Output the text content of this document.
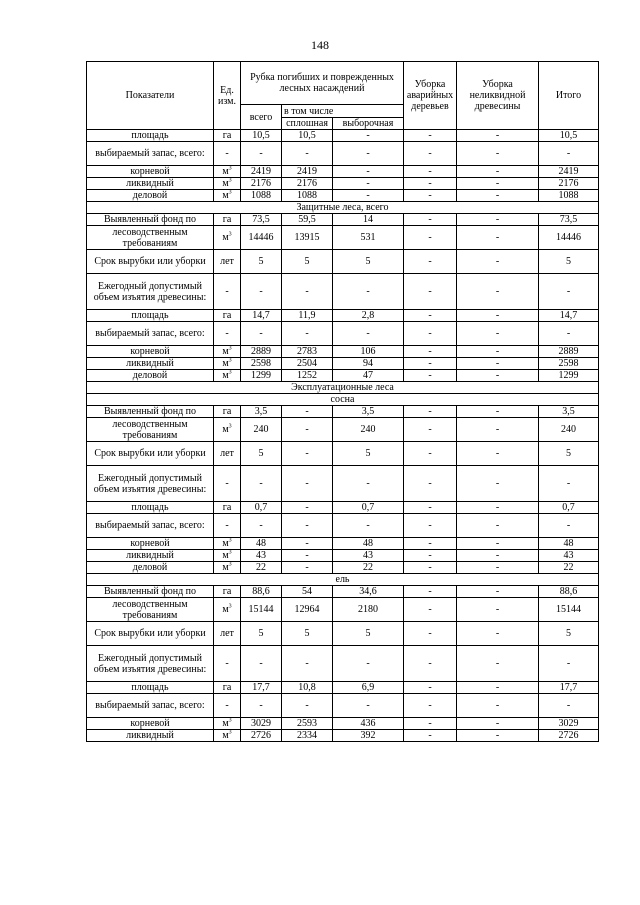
148
Показатели	Ед. изм.	Рубка погибших и поврежденных лесных насаждений			Уборка аварийных деревьев	Уборка неликвидной древесины	Итого
		всего	в том числе				
			сплошная	выборочная			
площадь	га	10,5	10,5	-	-	-	10,5
выбираемый запас, всего:	-	-	-	-	-	-	-
корневой	$м^3$	2419	2419	-	-	-	2419
ликвидный	$м^3$	2176	2176	-	-	-	2176
деловой	$м^3$	1088	1088	-	-	-	1088
Защитные леса, всего							
Выявленный фонд по	га	73,5	59,5	14	-	-	73,5
лесоводственным требованиям	$м^3$	14446	13915	531	-	-	14446
Срок вырубки или уборки	лет	5	5	5	-	-	5
Ежегодный допустимый объем изъятия древесины:	-	-	-	-	-	-	-
площадь	га	14,7	11,9	2,8	-	-	14,7
выбираемый запас, всего:	-	-	-	-	-	-	-
корневой	$м^3$	2889	2783	106	-	-	2889
ликвидный	$м^3$	2598	2504	94	-	-	2598
деловой	$м^3$	1299	1252	47	-	-	1299
Эксплуатационные леса							
сосна							
Выявленный фонд по	га	3,5	-	3,5	-	-	3,5
лесоводственным требованиям	$м^3$	240	-	240	-	-	240
Срок вырубки или уборки	лет	5	-	5	-	-	5
Ежегодный допустимый объем изъятия древесины:	-	-	-	-	-	-	-
площадь	га	0,7	-	0,7	-	-	0,7
выбираемый запас, всего:	-	-	-	-	-	-	-
корневой	$м^3$	48	-	48	-	-	48
ликвидный	$м^3$	43	-	43	-	-	43
деловой	$м^3$	22	-	22	-	-	22
ель							
Выявленный фонд по	га	88,6	54	34,6	-	-	88,6
лесоводственным требованиям	$м^3$	15144	12964	2180	-	-	15144
Срок вырубки или уборки	лет	5	5	5	-	-	5
Ежегодный допустимый объем изъятия древесины:	-	-	-	-	-	-	-
площадь	га	17,7	10,8	6,9	-	-	17,7
выбираемый запас, всего:	-	-	-	-	-	-	-
корневой	$м^3$	3029	2593	436	-	-	3029
ликвидный	$м^3$	2726	2334	392	-	-	2726
